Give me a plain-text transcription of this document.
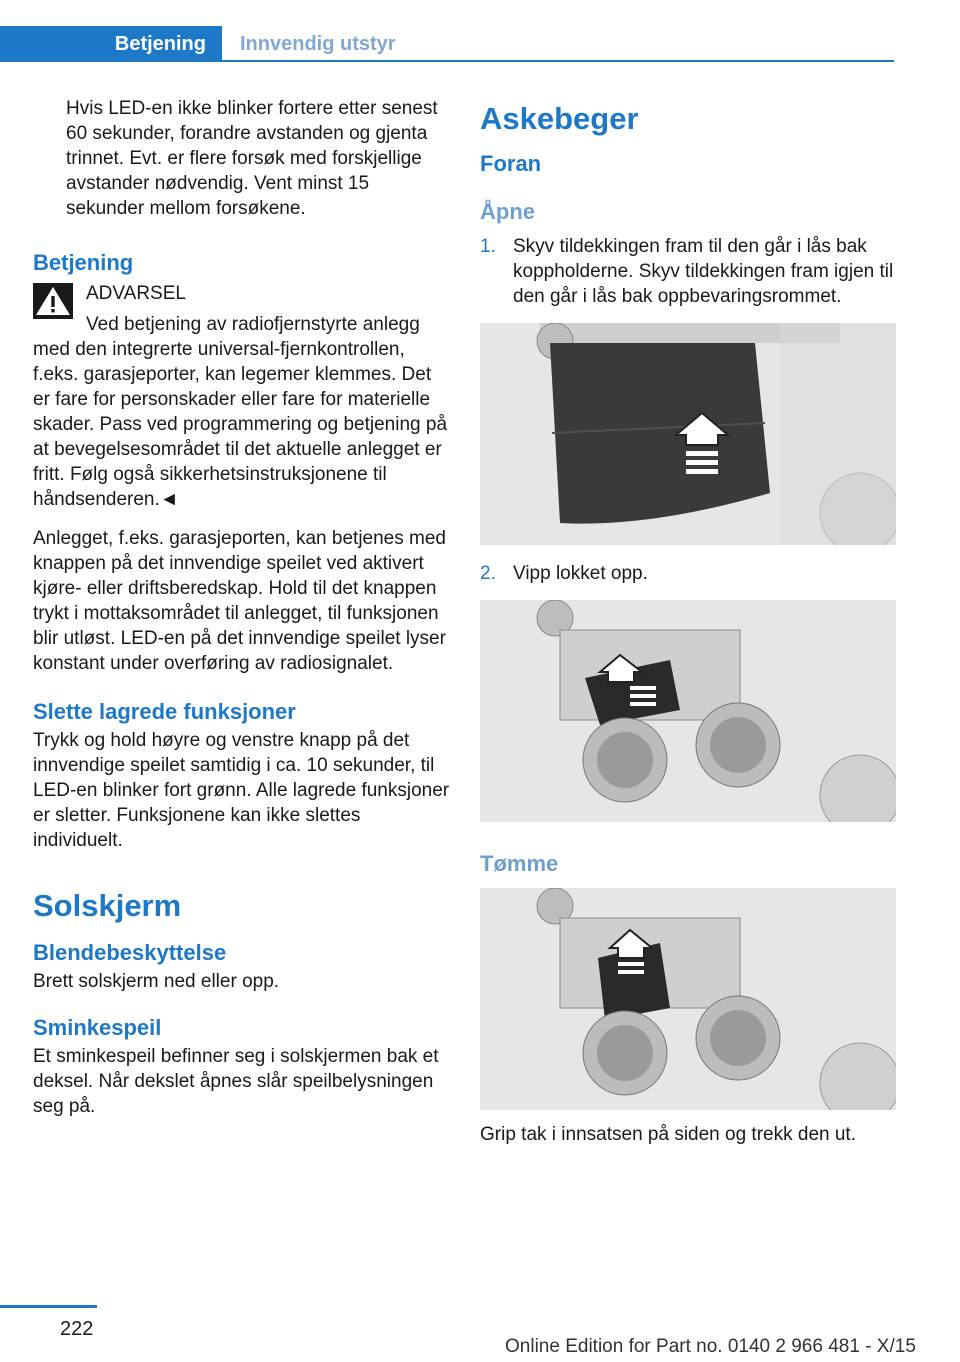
Betjening	Innvendig utstyr

Hvis LED-en ikke blinker fortere etter senest 60 sekunder, forandre avstanden og gjenta trinnet. Evt. er flere forsøk med forskjellige avstander nødvendig. Vent minst 15 sekunder mellom forsøkene.

Betjening

ADVARSEL

Ved betjening av radiofjernstyrte anlegg med den integrerte universal-fjernkontrollen, f.eks. garasjeporter, kan legemer klemmes. Det er fare for personskader eller fare for materielle skader. Pass ved programmering og betjening på at bevegelsesområdet til det aktuelle anlegget er fritt. Følg også sikkerhetsinstruksjonene til håndsenderen.◄

Anlegget, f.eks. garasjeporten, kan betjenes med knappen på det innvendige speilet ved aktivert kjøre- eller driftsberedskap. Hold til det knappen trykt i mottaksområdet til anlegget, til funksjonen blir utløst. LED-en på det innvendige speilet lyser konstant under overføring av radiosignalet.

Slette lagrede funksjoner

Trykk og hold høyre og venstre knapp på det innvendige speilet samtidig i ca. 10 sekunder, til LED-en blinker fort grønn. Alle lagrede funksjoner er sletter. Funksjonene kan ikke slettes individuelt.

Solskjerm
Blendebeskyttelse

Brett solskjerm ned eller opp.

Sminkespeil

Et sminkespeil befinner seg i solskjermen bak et deksel. Når dekslet åpnes slår speilbelysningen seg på.

Askebeger
Foran
Åpne
1. Skyv tildekkingen fram til den går i lås bak koppholderne. Skyv tildekkingen fram igjen til den går i lås bak oppbevaringsrommet.
2. Vipp lokket opp.
Tømme

Grip tak i innsatsen på siden og trekk den ut.

222
Online Edition for Part no. 0140 2 966 481 - X/15
